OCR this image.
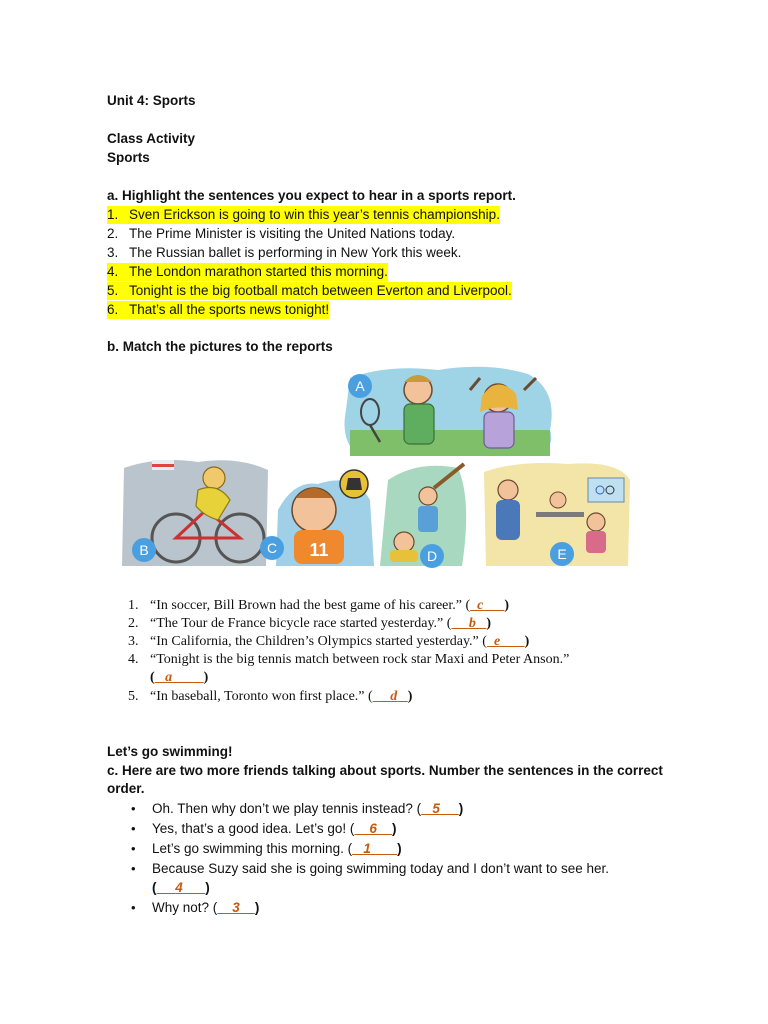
Unit 4: Sports
Class Activity
Sports
a. Highlight the sentences you expect to hear in a sports report.
1. Sven Erickson is going to win this year’s tennis championship.
2. The Prime Minister is visiting the United Nations today.
3. The Russian ballet is performing in New York this week.
4. The London marathon started this morning.
5. Tonight is the big football match between Everton and Liverpool.
6. That’s all the sports news tonight!
b. Match the pictures to the reports
A
B	11
C	D	E
1. “In soccer, Bill Brown had the best game of his career.” ( c )
2. “The Tour de France bicycle race started yesterday.” ( b )
3. “In California, the Children’s Olympics started yesterday.” ( e )
4. “Tonight is the big tennis match between rock star Maxi and Peter Anson.”
( a )
5. “In baseball, Toronto won first place.” ( d )
Let’s go swimming!
c. Here are two more friends talking about sports. Number the sentences in the correct
order.
• Oh. Then why don’t we play tennis instead? ( 5 )
• Yes, that’s a good idea. Let’s go! ( 6 )
• Let’s go swimming this morning. ( 1 )
• Because Suzy said she is going swimming today and I don’t want to see her.
( 4 )
• Why not? ( 3 )
